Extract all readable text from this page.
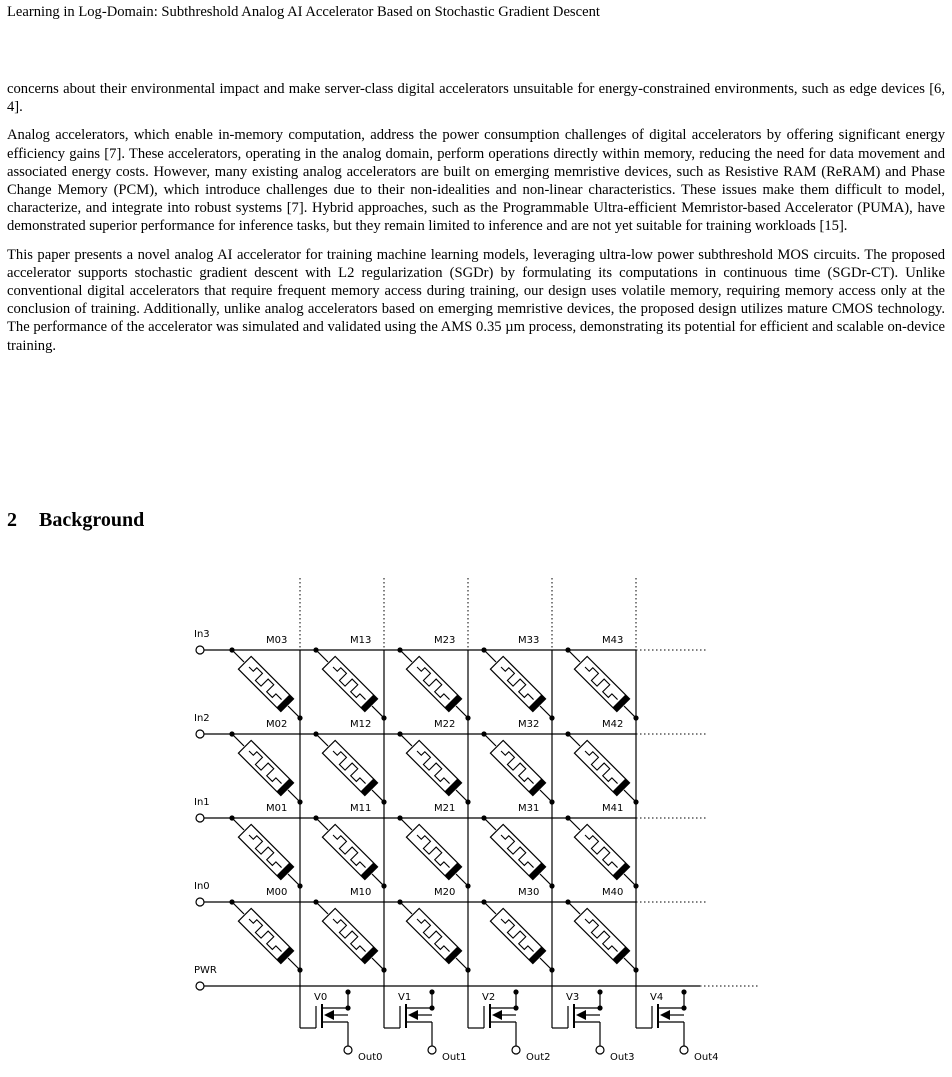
Learning in Log-Domain: Subthreshold Analog AI Accelerator Based on Stochastic Gradient Descent

concerns about their environmental impact and make server-class digital accelerators unsuitable for energy-constrained environments, such as edge devices [6, 4].

Analog accelerators, which enable in-memory computation, address the power consumption challenges of digital accelerators by offering significant energy efficiency gains [7]. These accelerators, operating in the analog domain, perform operations directly within memory, reducing the need for data movement and associated energy costs. However, many existing analog accelerators are built on emerging memristive devices, such as Resistive RAM (ReRAM) and Phase Change Memory (PCM), which introduce challenges due to their non-idealities and non-linear characteristics. These issues make them difficult to model, characterize, and integrate into robust systems [7]. Hybrid approaches, such as the Programmable Ultra-efficient Memristor-based Accelerator (PUMA), have demonstrated superior performance for inference tasks, but they remain limited to inference and are not yet suitable for training workloads [15].

This paper presents a novel analog AI accelerator for training machine learning models, leveraging ultra-low power subthreshold MOS circuits. The proposed accelerator supports stochastic gradient descent with L2 regularization (SGDr) by formulating its computations in continuous time (SGDr-CT). Unlike conventional digital accelerators that require frequent memory access during training, our design uses volatile memory, requiring memory access only at the conclusion of training. Additionally, unlike analog accelerators based on emerging memristive devices, the proposed design utilizes mature CMOS technology. The performance of the accelerator was simulated and validated using the AMS 0.35 µm process, demonstrating its potential for efficient and scalable on-device training.

2 Background
In3
M03	M13	M23	M33	M43
In2
M02	M12	M22	M32	M42
In1
M01	M11	M21	M31	M41
In0
M00	M10	M20	M30	M40
PWR
V0
Out0
V1
Out1
V2
Out2
V3
Out3
V4
Out4
